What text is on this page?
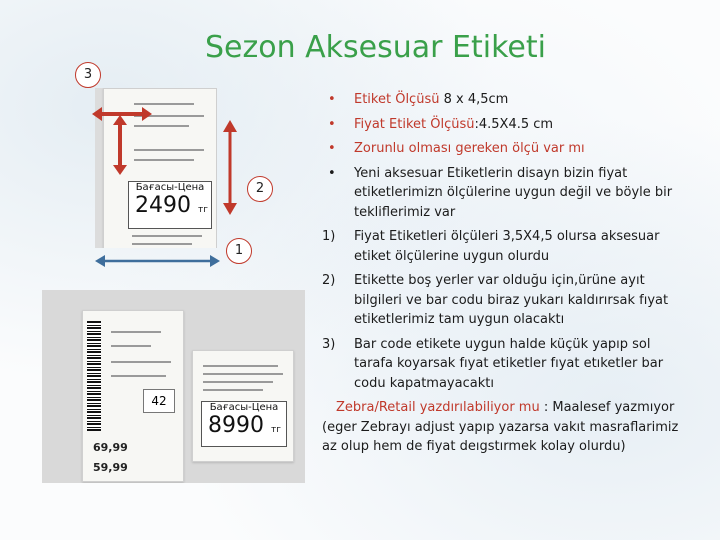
Sezon Aksesuar Etiketi
Бағасы-Цена
2490 тг
3
2
1
42
69,99
59,99
Бағасы-Цена
8990 тг
• Etiket Ölçüsü 8 x 4,5cm
• Fiyat Etiket Ölçüsü:4.5X4.5 cm
• Zorunlu olması gereken ölçü var mı
• Yeni aksesuar Etiketlerin disayn bizin fiyat etiketlerimizn ölçülerine uygun değil ve böyle bir tekliflerimiz var
1) Fiyat Etiketleri ölçüleri 3,5X4,5 olursa aksesuar etiket ölçülerine uygun olurdu
2) Etikette boş yerler var olduğu için,ürüne ayıt bilgileri ve bar codu biraz yukarı kaldırırsak fıyat etiketlerimiz tam uygun olacaktı
3) Bar code etikete uygun halde küçük yapıp sol tarafa koyarsak fıyat etiketler fıyat etıketler bar codu kapatmayacaktı
Zebra/Retail yazdırılabiliyor mu : Maalesef yazmıyor (eger Zebrayı adjust yapıp yazarsa vakıt masraflarimiz az olup hem de fiyat deıgstırmek kolay olurdu)
